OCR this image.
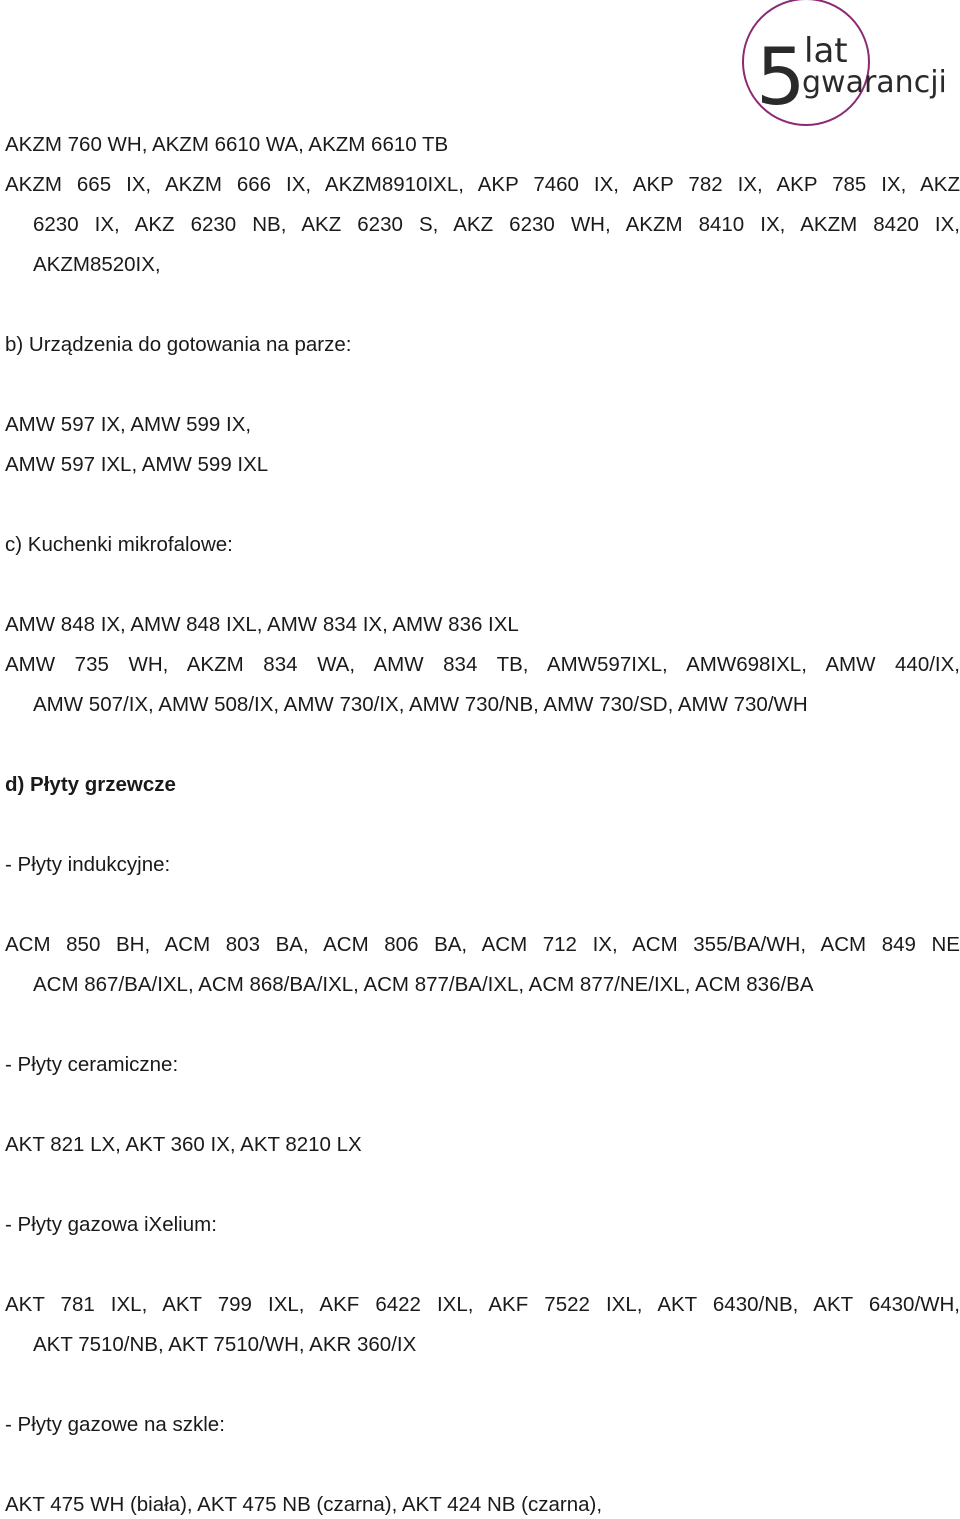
5
lat
gwarancji
AKZM 760 WH, AKZM 6610 WA, AKZM 6610 TB
AKZM 665 IX, AKZM 666 IX, AKZM8910IXL, AKP 7460 IX, AKP 782 IX, AKP 785 IX, AKZ
6230 IX, AKZ 6230 NB, AKZ 6230 S, AKZ 6230 WH, AKZM 8410 IX, AKZM 8420 IX,
AKZM8520IX,
b) Urządzenia do gotowania na parze:
AMW 597 IX, AMW 599 IX,
AMW 597 IXL, AMW 599 IXL
c) Kuchenki mikrofalowe:
AMW 848 IX, AMW 848 IXL, AMW 834 IX, AMW 836 IXL
AMW 735 WH, AKZM 834 WA, AMW 834 TB, AMW597IXL, AMW698IXL, AMW 440/IX,
AMW 507/IX, AMW 508/IX, AMW 730/IX, AMW 730/NB, AMW 730/SD, AMW 730/WH
d) Płyty grzewcze
- Płyty indukcyjne:
ACM 850 BH, ACM 803 BA, ACM 806 BA, ACM 712 IX, ACM 355/BA/WH, ACM 849 NE
ACM 867/BA/IXL, ACM 868/BA/IXL, ACM 877/BA/IXL, ACM 877/NE/IXL, ACM 836/BA
- Płyty ceramiczne:
AKT 821 LX, AKT 360 IX, AKT 8210 LX
- Płyty gazowa iXelium:
AKT 781 IXL, AKT 799 IXL, AKF 6422 IXL, AKF 7522 IXL, AKT 6430/NB, AKT 6430/WH,
AKT 7510/NB, AKT 7510/WH, AKR 360/IX
- Płyty gazowe na szkle:
AKT 475 WH (biała), AKT 475 NB (czarna), AKT 424 NB (czarna),
